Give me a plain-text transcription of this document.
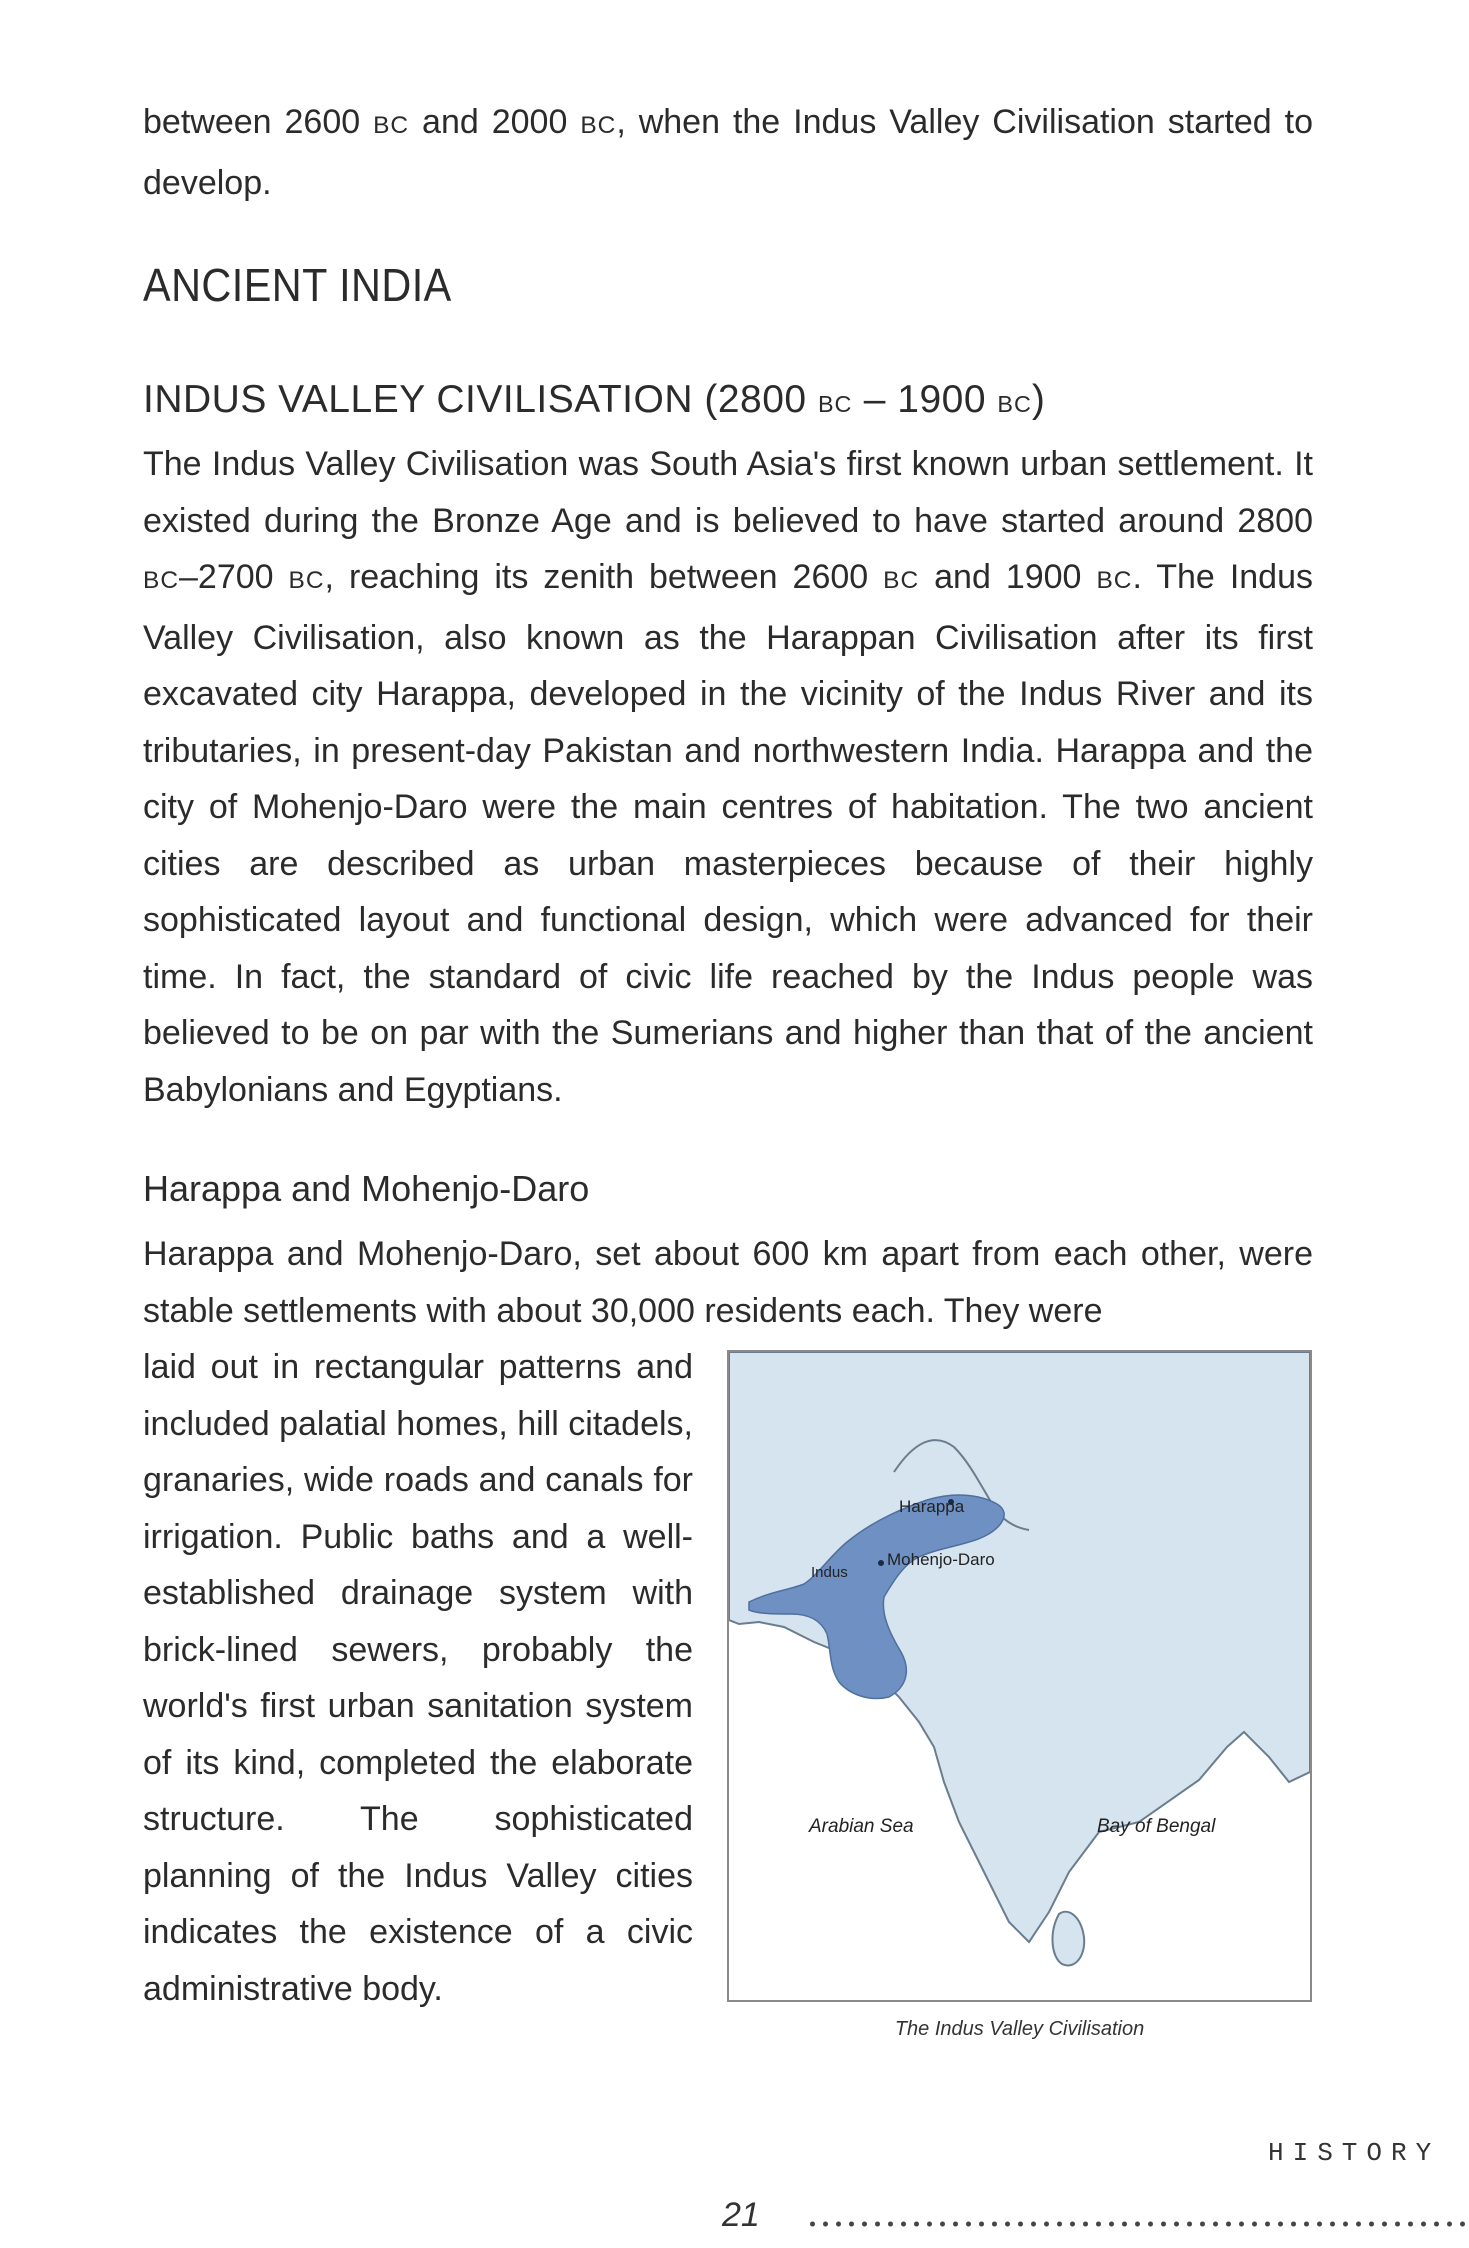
between 2600 BC and 2000 BC, when the Indus Valley Civilisation started to develop.

ANCIENT INDIA
INDUS VALLEY CIVILISATION (2800 BC – 1900 BC)

The Indus Valley Civilisation was South Asia's first known urban settlement. It existed during the Bronze Age and is believed to have started around 2800 BC–2700 BC, reaching its zenith between 2600 BC and 1900 BC. The Indus Valley Civilisation, also known as the Harappan Civilisation after its first excavated city Harappa, developed in the vicinity of the Indus River and its tributaries, in present-day Pakistan and northwestern India. Harappa and the city of Mohenjo-Daro were the main centres of habitation. The two ancient cities are described as urban masterpieces because of their highly sophisticated layout and functional design, which were advanced for their time. In fact, the standard of civic life reached by the Indus people was believed to be on par with the Sumerians and higher than that of the ancient Babylonians and Egyptians.

Harappa and Mohenjo-Daro

Harappa and Mohenjo-Daro, set about 600 km apart from each other, were stable settlements with about 30,000 residents each. They were

laid out in rectangular patterns and included palatial homes, hill citadels, granaries, wide roads and canals for irrigation. Public baths and a well-established drainage system with brick-lined sewers, probably the world's first urban sanitation system of its kind, completed the elaborate structure. The sophisticated planning of the Indus Valley cities indicates the existence of a civic administrative body.

Harappa
Mohenjo-Daro
Indus
Arabian Sea	Bay of Bengal
The Indus Valley Civilisation
HISTORY
21
